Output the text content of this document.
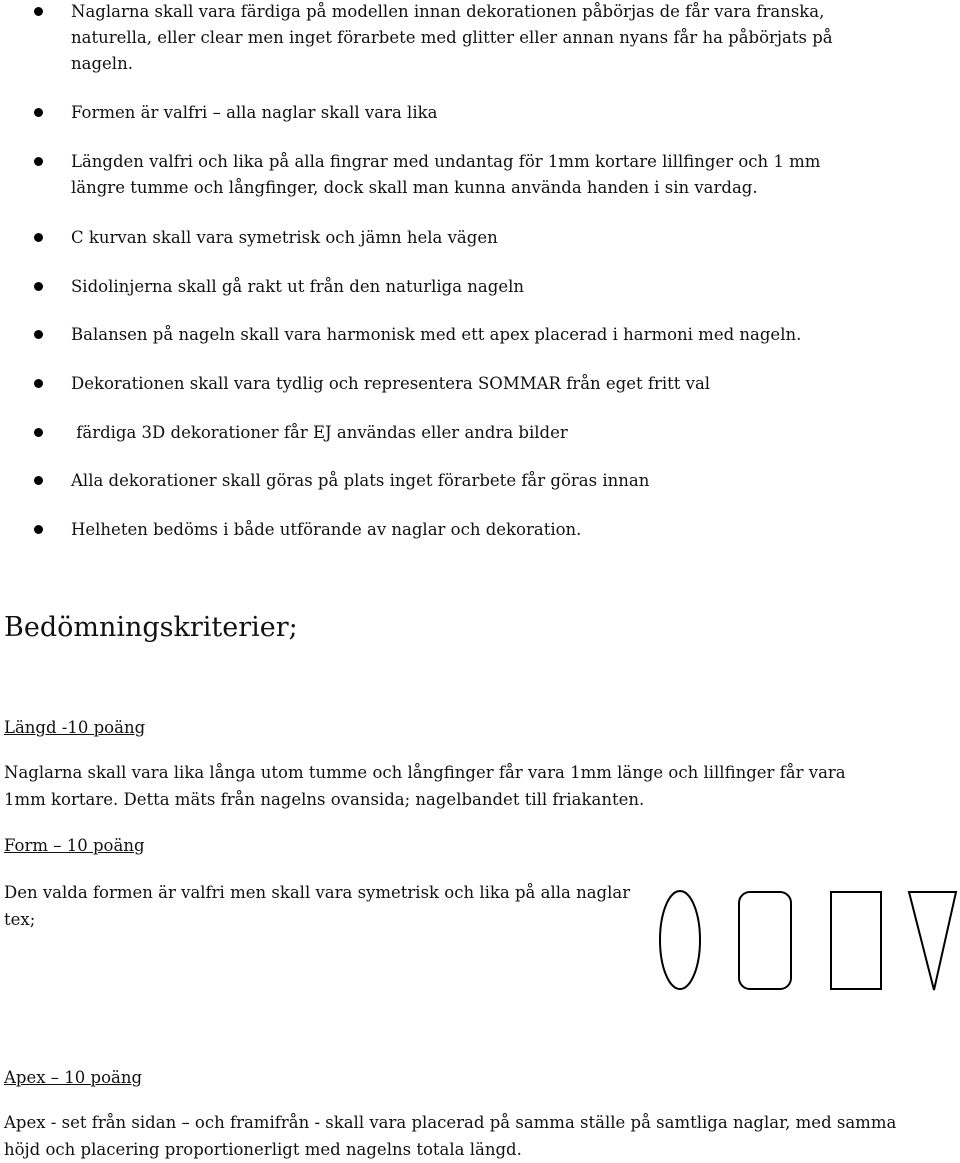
Naglarna skall vara färdiga på modellen innan dekorationen påbörjas de får vara franska, naturella, eller clear men inget förarbete med glitter eller annan nyans får ha påbörjats på nageln.
Formen är valfri – alla naglar skall vara lika
Längden valfri och lika på alla fingrar med undantag för 1mm kortare lillfinger och 1 mm längre tumme och långfinger, dock skall man kunna använda handen i sin vardag.
C kurvan skall vara symetrisk och jämn hela vägen
Sidolinjerna skall gå rakt ut från den naturliga nageln
Balansen på nageln skall vara harmonisk med ett apex placerad i harmoni med nageln.
Dekorationen skall vara tydlig och representera SOMMAR från eget fritt val
färdiga 3D dekorationer får EJ användas eller andra bilder
Alla dekorationer skall göras på plats inget förarbete får göras innan
Helheten bedöms i både utförande av naglar och dekoration.
Bedömningskriterier;
Längd -10 poäng

Naglarna skall vara lika långa utom tumme och långfinger får vara 1mm länge och lillfinger får vara 1mm kortare. Detta mäts från nagelns ovansida; nagelbandet till friakanten.

Form – 10 poäng

Den valda formen är valfri men skall vara symetrisk och lika på alla naglar tex;

Apex – 10 poäng

Apex - set från sidan – och framifrån - skall vara placerad på samma ställe på samtliga naglar, med samma höjd och placering proportionerligt med nagelns totala längd.
